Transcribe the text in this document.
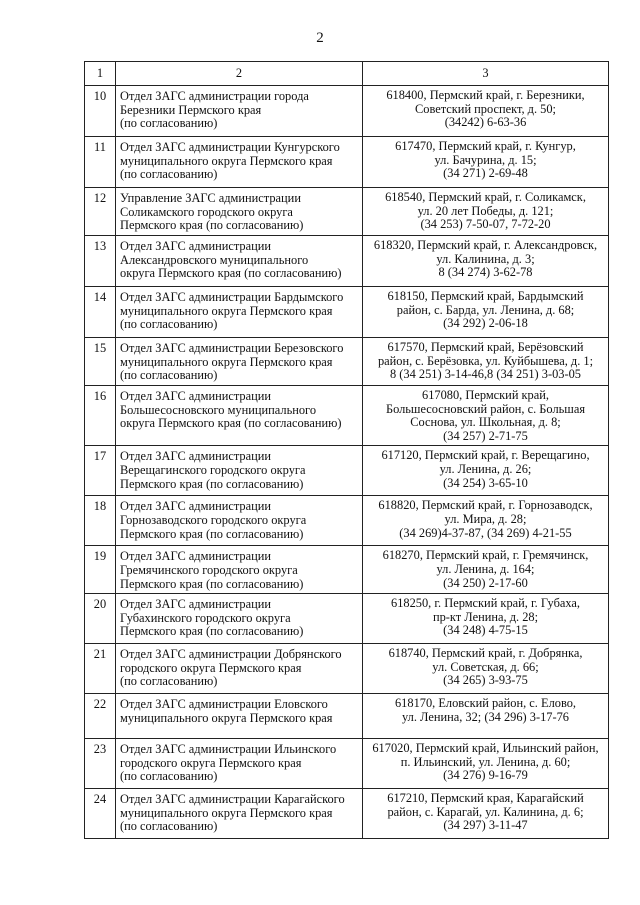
2
1	2	3
10	Отдел ЗАГС администрации города
Березники Пермского края
(по согласованию)	618400, Пермский край, г. Березники,
Советский проспект, д. 50;
(34242) 6-63-36

11	Отдел ЗАГС администрации Кунгурского
муниципального округа Пермского края
(по согласованию)	617470, Пермский край, г. Кунгур,
ул. Бачурина, д. 15;
(34 271) 2-69-48

12	Управление ЗАГС администрации
Соликамского городского округа
Пермского края (по согласованию)	618540, Пермский край, г. Соликамск,
ул. 20 лет Победы, д. 121;
(34 253) 7-50-07, 7-72-20

13	Отдел ЗАГС администрации
Александровского муниципального
округа Пермского края (по согласованию)	618320, Пермский край, г. Александровск,
ул. Калинина, д. 3;
8 (34 274) 3-62-78

14	Отдел ЗАГС администрации Бардымского
муниципального округа Пермского края
(по согласованию)	618150, Пермский край, Бардымский
район, с. Барда, ул. Ленина, д. 68;
(34 292) 2-06-18

15	Отдел ЗАГС администрации Березовского
муниципального округа Пермского края
(по согласованию)	617570, Пермский край, Берёзовский
район, с. Берёзовка, ул. Куйбышева, д. 1;
8 (34 251) 3-14-46,8 (34 251) 3-03-05

16	Отдел ЗАГС администрации
Большесосновского муниципального
округа Пермского края (по согласованию)	617080, Пермский край,
Большесосновский район, с. Большая
Соснова, ул. Школьная, д. 8;
(34 257) 2-71-75

17	Отдел ЗАГС администрации
Верещагинского городского округа
Пермского края (по согласованию)	617120, Пермский край, г. Верещагино,
ул. Ленина, д. 26;
(34 254) 3-65-10

18	Отдел ЗАГС администрации
Горнозаводского городского округа
Пермского края (по согласованию)	618820, Пермский край, г. Горнозаводск,
ул. Мира, д. 28;
(34 269)4-37-87, (34 269) 4-21-55

19	Отдел ЗАГС администрации
Гремячинского городского округа
Пермского края (по согласованию)	618270, Пермский край, г. Гремячинск,
ул. Ленина, д. 164;
(34 250) 2-17-60

20	Отдел ЗАГС администрации
Губахинского городского округа
Пермского края (по согласованию)	618250, г. Пермский край, г. Губаха,
пр-кт Ленина, д. 28;
(34 248) 4-75-15

21	Отдел ЗАГС администрации Добрянского
городского округа Пермского края
(по согласованию)	618740, Пермский край, г. Добрянка,
ул. Советская, д. 66;
(34 265) 3-93-75

22	Отдел ЗАГС администрации Еловского
муниципального округа Пермского края	618170, Еловский район, с. Елово,
ул. Ленина, 32; (34 296) 3-17-76

23	Отдел ЗАГС администрации Ильинского
городского округа Пермского края
(по согласованию)	617020, Пермский край, Ильинский район,
п. Ильинский, ул. Ленина, д. 60;
(34 276) 9-16-79

24	Отдел ЗАГС администрации Карагайского
муниципального округа Пермского края
(по согласованию)	617210, Пермский края, Карагайский
район, с. Карагай, ул. Калинина, д. 6;
(34 297) 3-11-47
